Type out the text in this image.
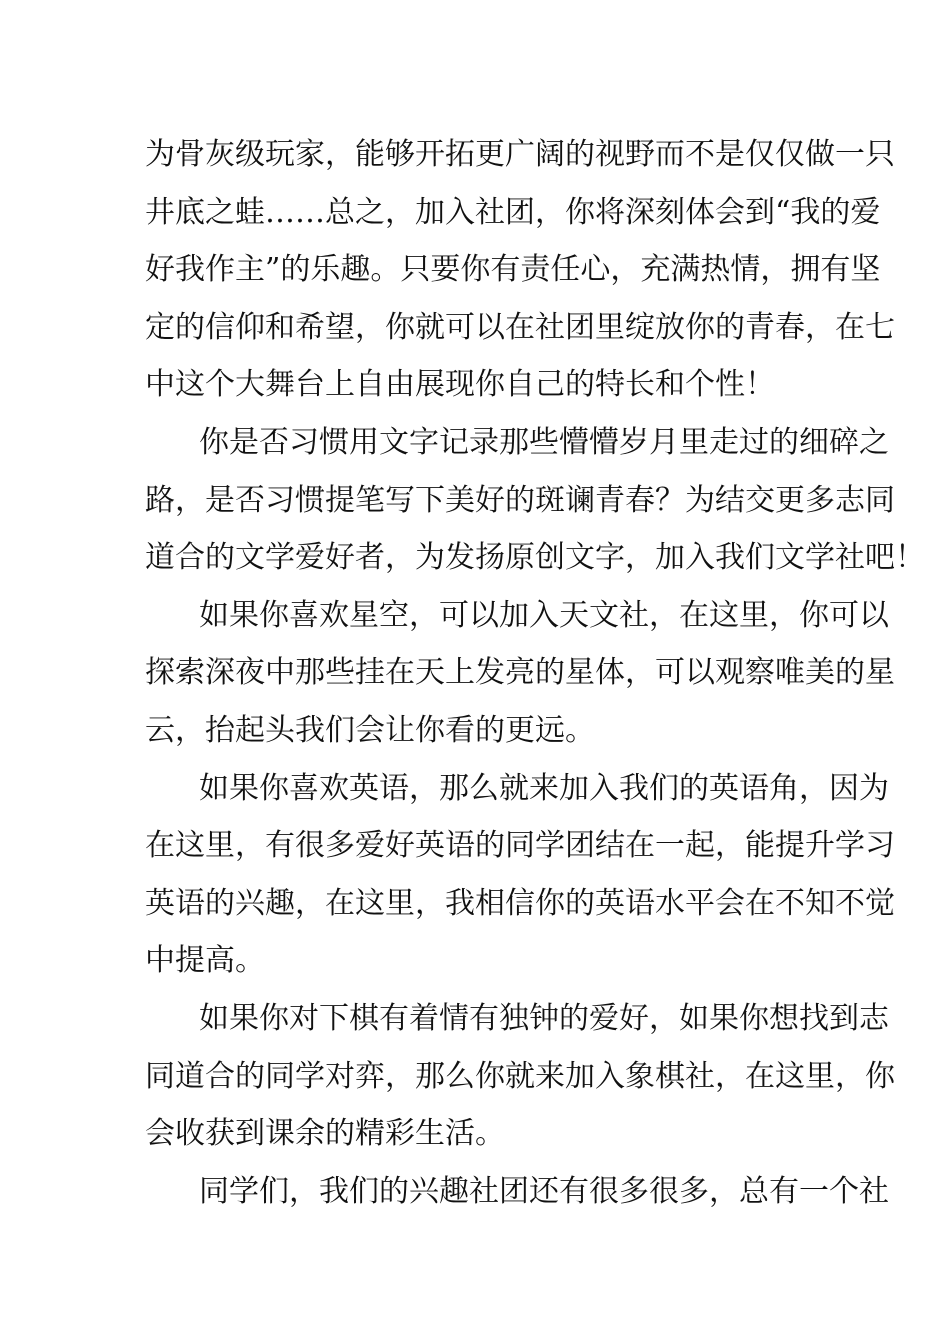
为骨灰级玩家，能够开拓更广阔的视野而不是仅仅做一只
井底之蛙……总之，加入社团，你将深刻体会到“我的爱
好我作主”的乐趣。只要你有责任心，充满热情，拥有坚
定的信仰和希望，你就可以在社团里绽放你的青春，在七
中这个大舞台上自由展现你自己的特长和个性！
你是否习惯用文字记录那些懵懵岁月里走过的细碎之
路，是否习惯提笔写下美好的斑谰青春？为结交更多志同
道合的文学爱好者，为发扬原创文字，加入我们文学社吧！
如果你喜欢星空，可以加入天文社，在这里，你可以
探索深夜中那些挂在天上发亮的星体，可以观察唯美的星
云，抬起头我们会让你看的更远。
如果你喜欢英语，那么就来加入我们的英语角，因为
在这里，有很多爱好英语的同学团结在一起，能提升学习
英语的兴趣，在这里，我相信你的英语水平会在不知不觉
中提高。
如果你对下棋有着情有独钟的爱好，如果你想找到志
同道合的同学对弈，那么你就来加入象棋社，在这里，你
会收获到课余的精彩生活。
同学们，我们的兴趣社团还有很多很多，总有一个社
